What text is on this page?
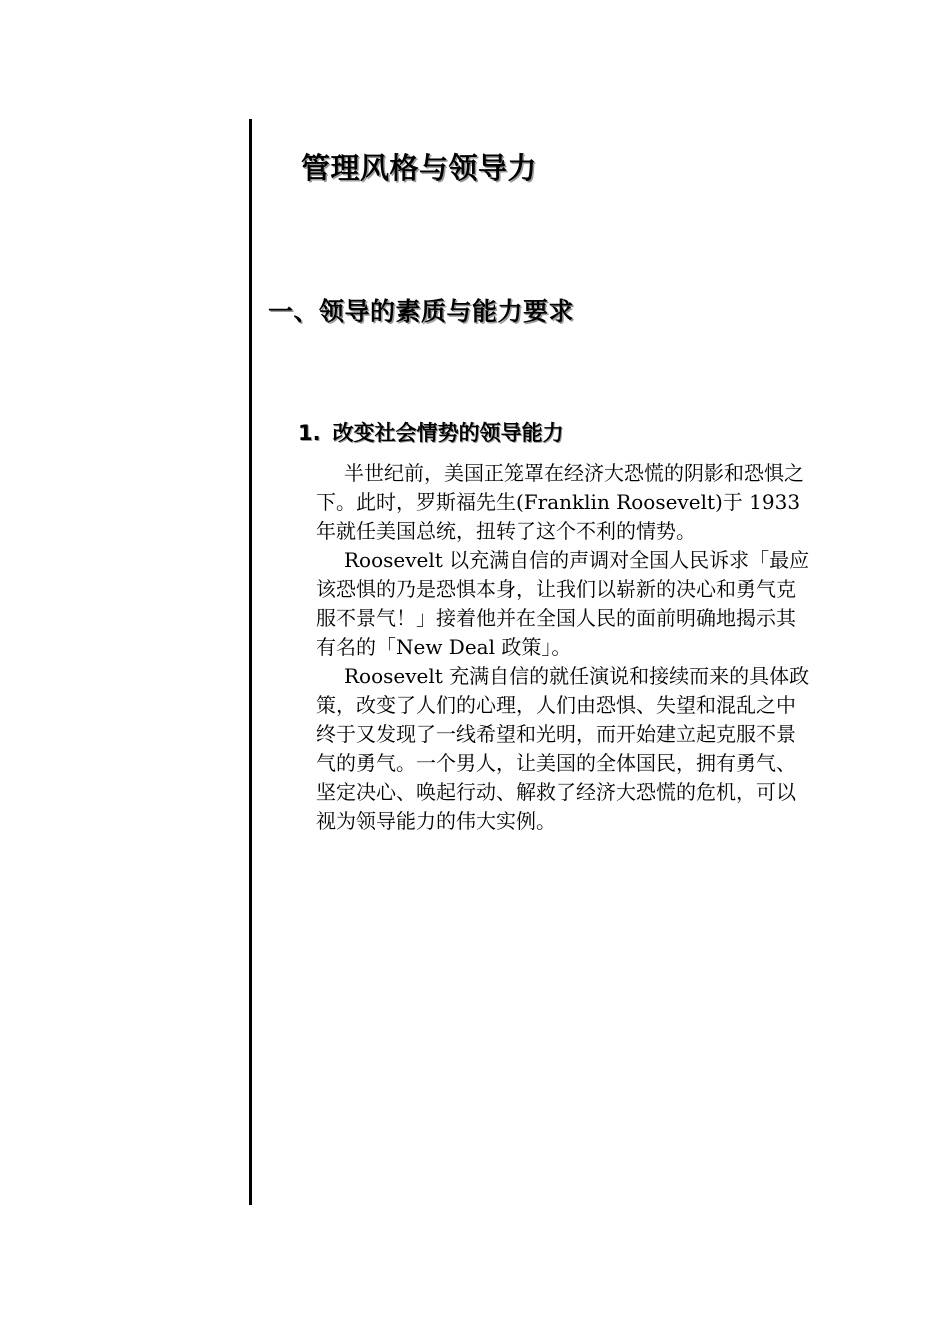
管理风格与领导力
一、领导的素质与能力要求
1. 改变社会情势的领导能力

半世纪前，美国正笼罩在经济大恐慌的阴影和恐惧之下。此时，罗斯福先生(Franklin Roosevelt)于 1933 年就任美国总统，扭转了这个不利的情势。

Roosevelt 以充满自信的声调对全国人民诉求「最应该恐惧的乃是恐惧本身，让我们以崭新的决心和勇气克服不景气！」接着他并在全国人民的面前明确地揭示其有名的「New Deal 政策」。

Roosevelt 充满自信的就任演说和接续而来的具体政策，改变了人们的心理，人们由恐惧、失望和混乱之中终于又发现了一线希望和光明，而开始建立起克服不景气的勇气。一个男人，让美国的全体国民，拥有勇气、坚定决心、唤起行动、解救了经济大恐慌的危机，可以视为领导能力的伟大实例。
